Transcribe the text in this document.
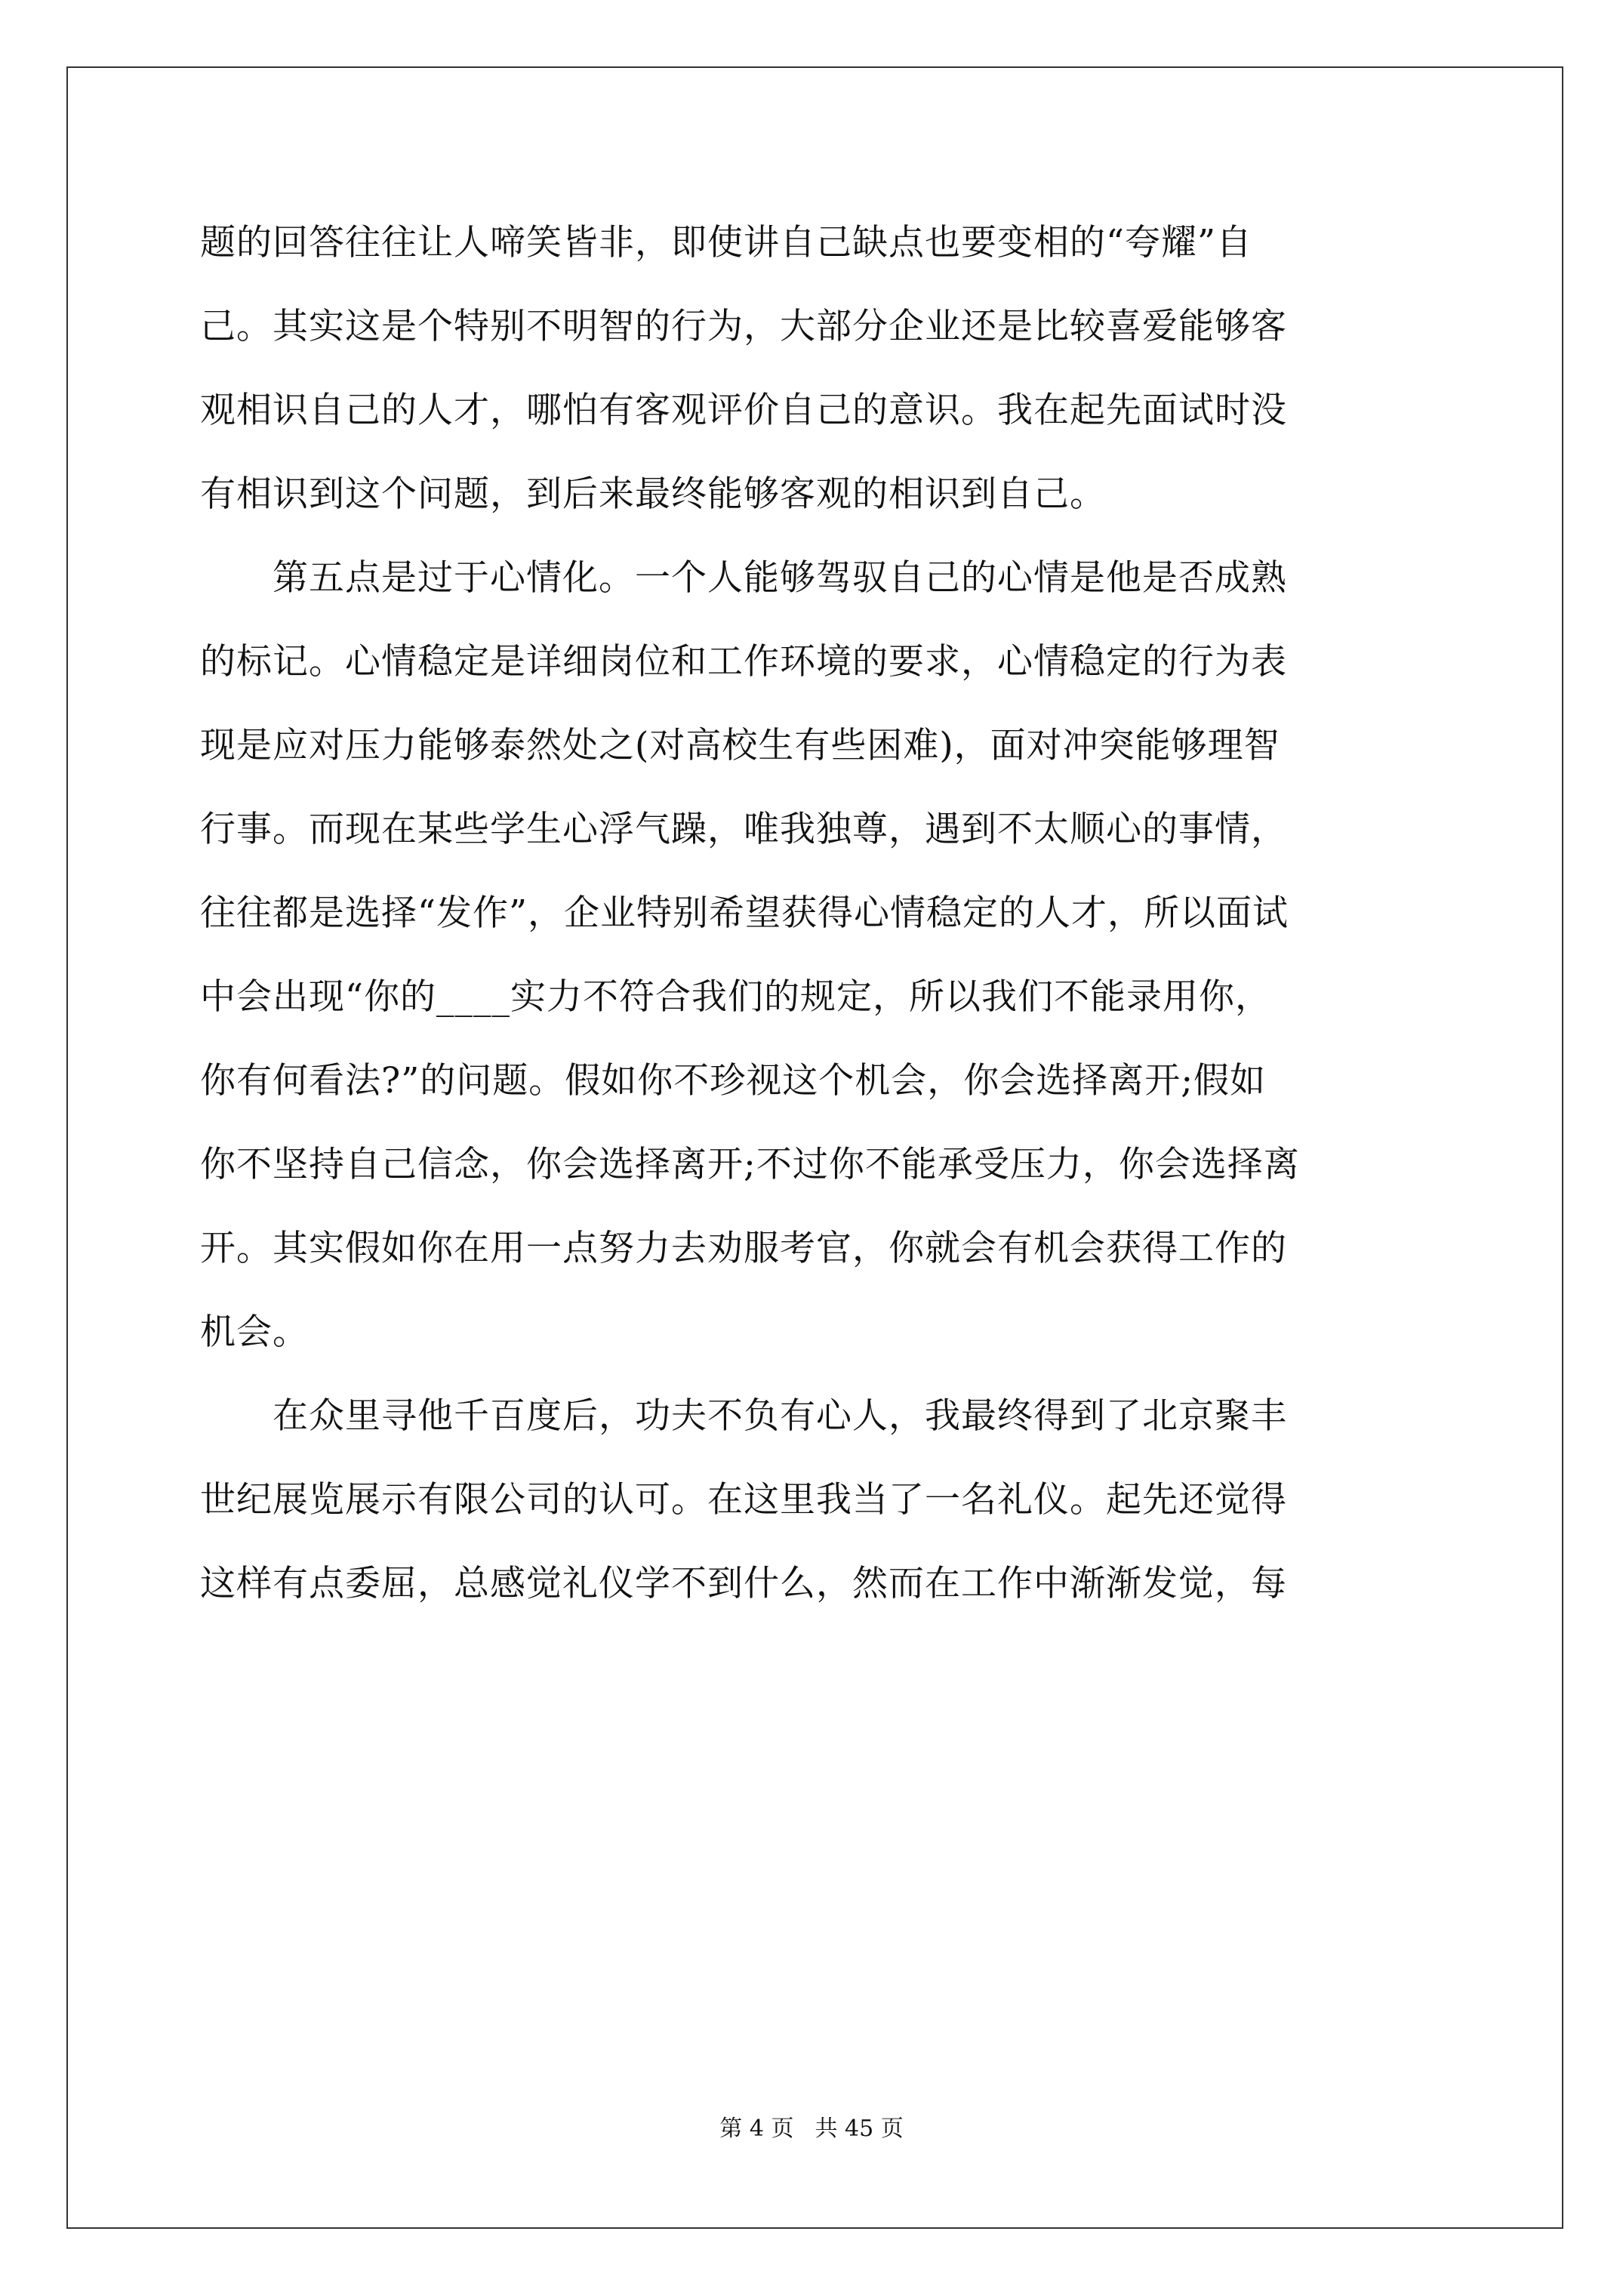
题的回答往往让人啼笑皆非，即使讲自己缺点也要变相的“夸耀”自
己。其实这是个特别不明智的行为，大部分企业还是比较喜爱能够客
观相识自己的人才，哪怕有客观评价自己的意识。我在起先面试时没
有相识到这个问题，到后来最终能够客观的相识到自己。
　　第五点是过于心情化。一个人能够驾驭自己的心情是他是否成熟
的标记。心情稳定是详细岗位和工作环境的要求，心情稳定的行为表
现是应对压力能够泰然处之(对高校生有些困难)，面对冲突能够理智
行事。而现在某些学生心浮气躁，唯我独尊，遇到不太顺心的事情，
往往都是选择“发作”，企业特别希望获得心情稳定的人才，所以面试
中会出现“你的____实力不符合我们的规定，所以我们不能录用你，
你有何看法?”的问题。假如你不珍视这个机会，你会选择离开;假如
你不坚持自己信念，你会选择离开;不过你不能承受压力，你会选择离
开。其实假如你在用一点努力去劝服考官，你就会有机会获得工作的
机会。
　　在众里寻他千百度后，功夫不负有心人，我最终得到了北京聚丰
世纪展览展示有限公司的认可。在这里我当了一名礼仪。起先还觉得
这样有点委屈，总感觉礼仪学不到什么，然而在工作中渐渐发觉，每
第 4 页 共 45 页
